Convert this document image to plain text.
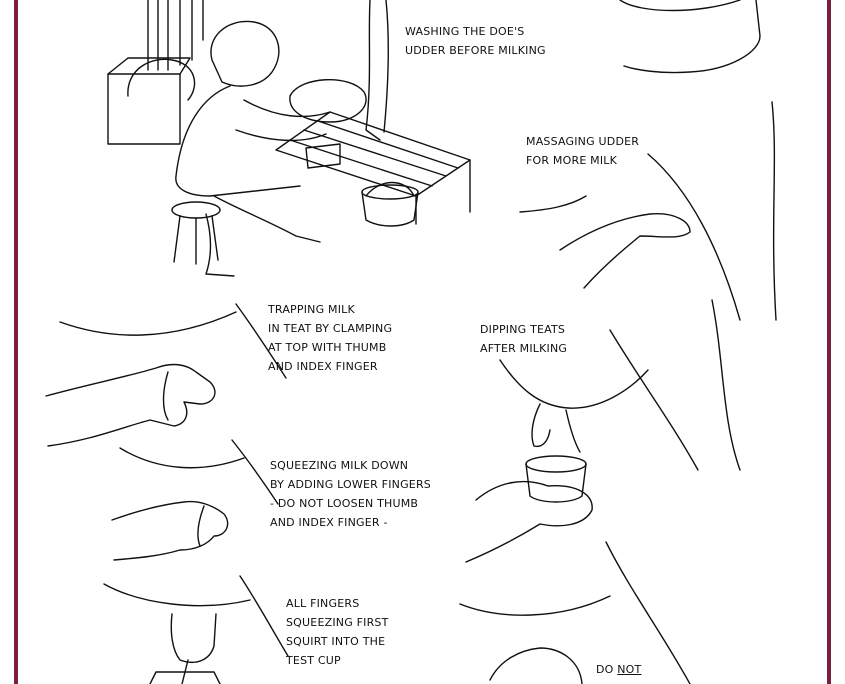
WASHING THE DOE'S
UDDER BEFORE MILKING
MASSAGING UDDER
FOR MORE MILK
TRAPPING MILK
IN TEAT BY CLAMPING
AT TOP WITH THUMB
AND INDEX FINGER
DIPPING TEATS
AFTER MILKING
SQUEEZING MILK DOWN
BY ADDING LOWER FINGERS
- DO NOT LOOSEN THUMB
AND INDEX FINGER -
ALL FINGERS
SQUEEZING FIRST
SQUIRT INTO THE
TEST CUP
DO NOT
